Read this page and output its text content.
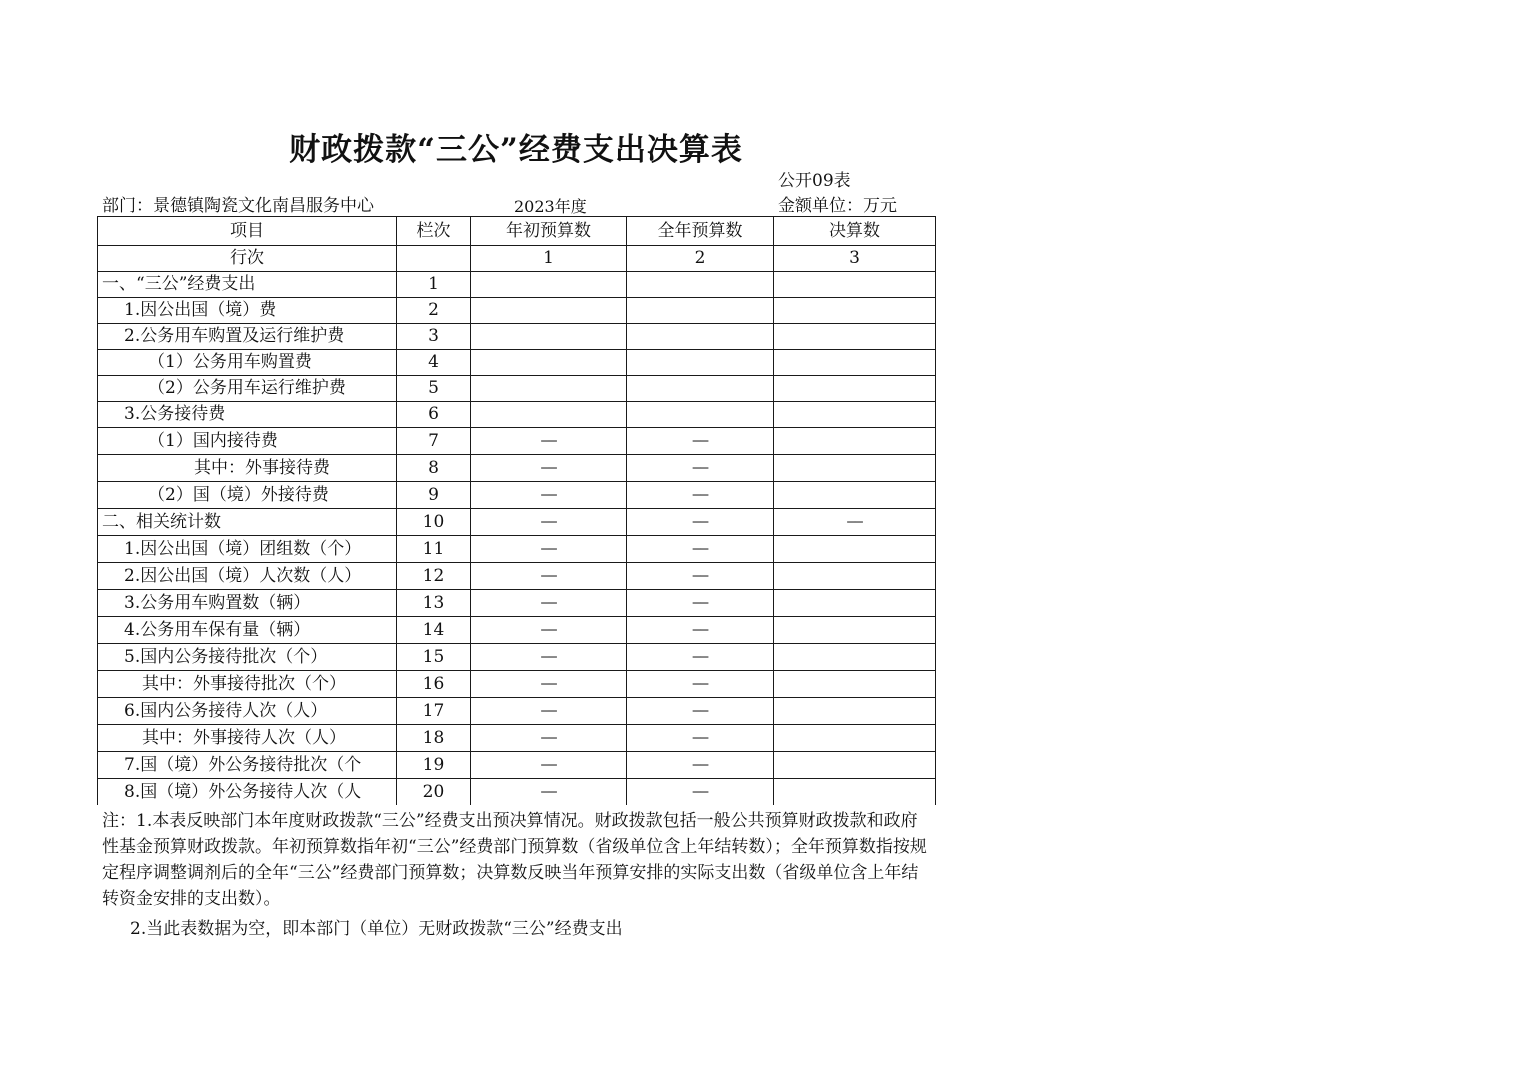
财政拨款“三公”经费支出决算表
公开09表
部门：景德镇陶瓷文化南昌服务中心	2023年度	金额单位：万元
项目	栏次	年初预算数	全年预算数	决算数
行次		1	2	3
一、“三公”经费支出	1			
1.因公出国（境）费	2			
2.公务用车购置及运行维护费	3			
（1）公务用车购置费	4			
（2）公务用车运行维护费	5			
3.公务接待费	6			
（1）国内接待费	7	——	——	
其中：外事接待费	8	——	——	
（2）国（境）外接待费	9	——	——	
二、相关统计数	10	——	——	——
1.因公出国（境）团组数（个）	11	——	——	
2.因公出国（境）人次数（人）	12	——	——	
3.公务用车购置数（辆）	13	——	——	
4.公务用车保有量（辆）	14	——	——	
5.国内公务接待批次（个）	15	——	——	
其中：外事接待批次（个）	16	——	——	
6.国内公务接待人次（人）	17	——	——	
其中：外事接待人次（人）	18	——	——	
7.国（境）外公务接待批次（个	19	——	——	
8.国（境）外公务接待人次（人	20	——	——	

注：1.本表反映部门本年度财政拨款“三公”经费支出预决算情况。财政拨款包括一般公共预算财政拨款和政府性基金预算财政拨款。年初预算数指年初“三公”经费部门预算数（省级单位含上年结转数）；全年预算数指按规定程序调整调剂后的全年“三公”经费部门预算数；决算数反映当年预算安排的实际支出数（省级单位含上年结转资金安排的支出数）。

2.当此表数据为空，即本部门（单位）无财政拨款“三公”经费支出
